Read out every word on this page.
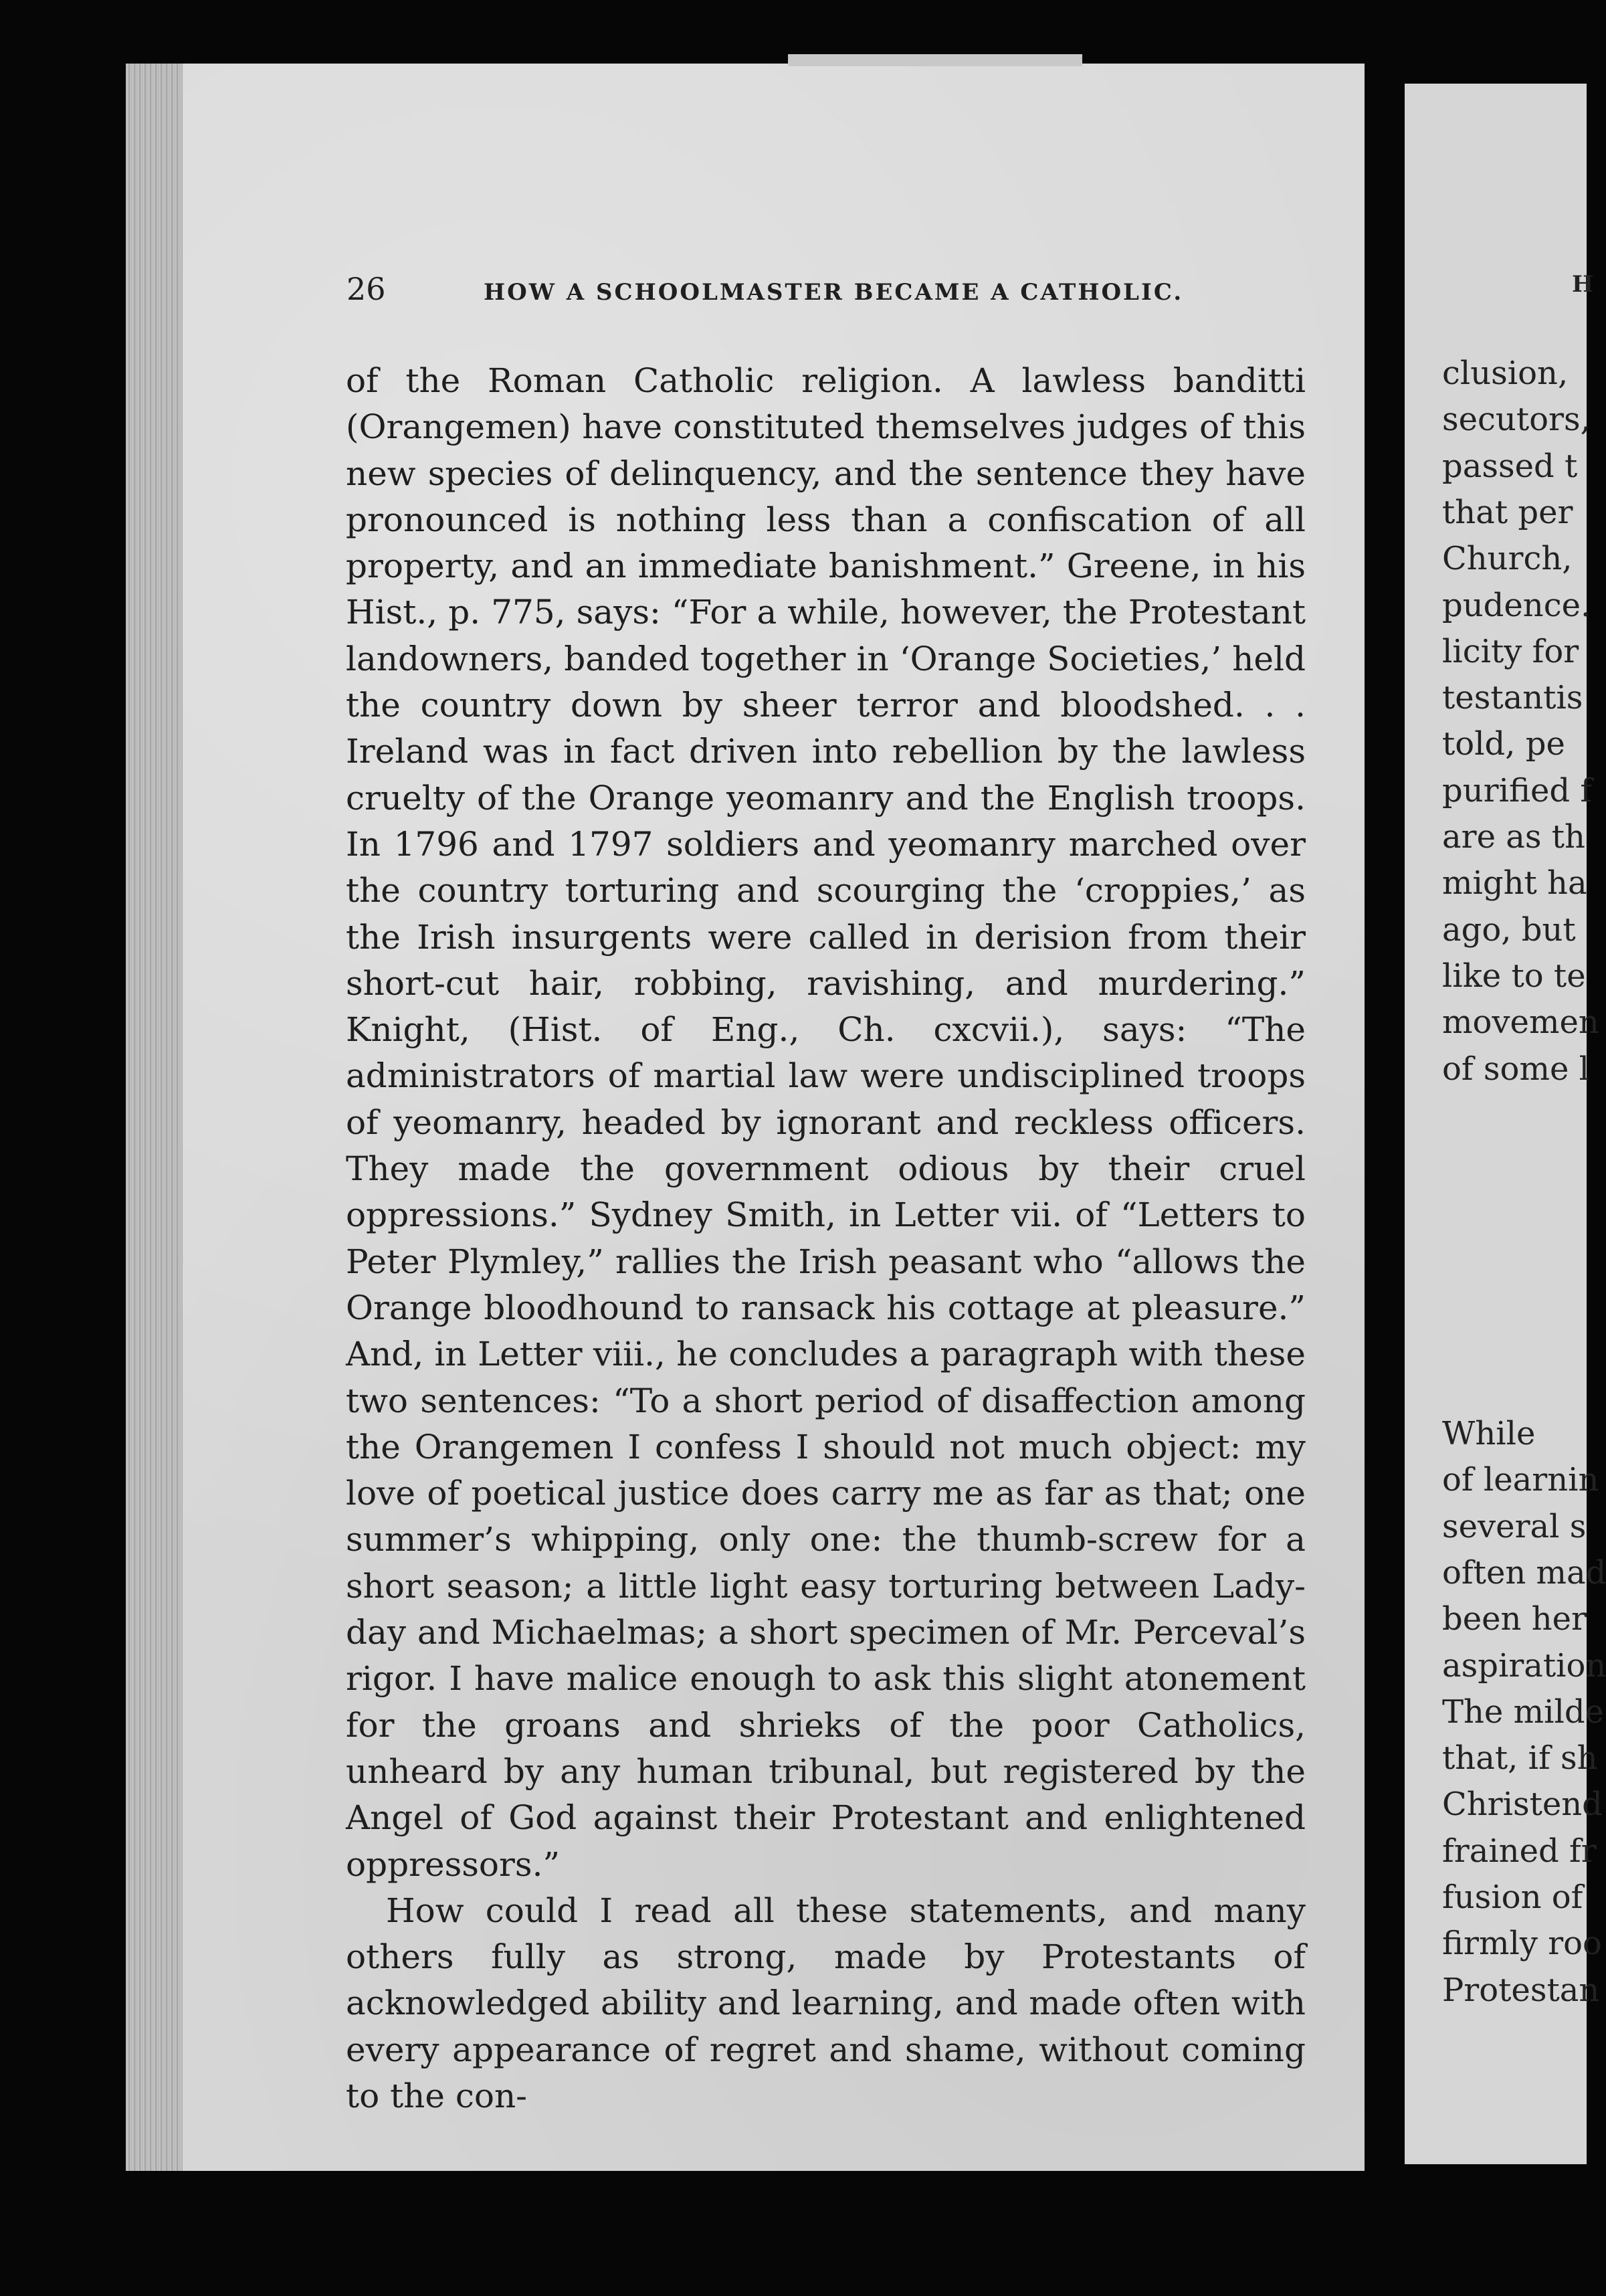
26	HOW A SCHOOLMASTER BECAME A CATHOLIC.

of the Roman Catholic religion. A lawless banditti (Orangemen) have constituted themselves judges of this new species of delinquency, and the sentence they have pronounced is nothing less than a confiscation of all property, and an immediate banishment.” Greene, in his Hist., p. 775, says: “For a while, however, the Protestant landowners, banded together in ‘Orange Societies,’ held the country down by sheer terror and bloodshed. . . Ireland was in fact driven into rebellion by the lawless cruelty of the Orange yeomanry and the English troops. In 1796 and 1797 soldiers and yeomanry marched over the country torturing and scourging the ‘croppies,’ as the Irish insurgents were called in derision from their short-cut hair, robbing, ravishing, and murdering.” Knight, (Hist. of Eng., Ch. cxcvii.), says: “The administrators of martial law were undisciplined troops of yeomanry, headed by ignorant and reckless officers. They made the government odious by their cruel oppressions.” Sydney Smith, in Letter vii. of “Letters to Peter Plymley,” rallies the Irish peasant who “allows the Orange bloodhound to ransack his cottage at pleasure.” And, in Letter viii., he concludes a paragraph with these two sentences: “To a short period of disaffection among the Orangemen I confess I should not much object: my love of poetical justice does carry me as far as that; one summer’s whipping, only one: the thumb-screw for a short season; a little light easy torturing between Lady-day and Michaelmas; a short specimen of Mr. Perceval’s rigor. I have malice enough to ask this slight atonement for the groans and shrieks of the poor Catholics, unheard by any human tribunal, but registered by the Angel of God against their Protestant and enlightened oppressors.”

How could I read all these statements, and many others fully as strong, made by Protestants of acknowledged ability and learning, and made often with every appearance of regret and shame, without coming to the con-

H
clusion,
secutors,
passed t
that per
Church,
pudence.
licity for
testantis
told, pe
purified f
are as th
might ha
ago, but
like to te
movemen
of some l
While
of learnin
several s
often mad
been her
aspiration
The milde
that, if sh
Christend
frained fr
fusion of
firmly roo
Protestan
